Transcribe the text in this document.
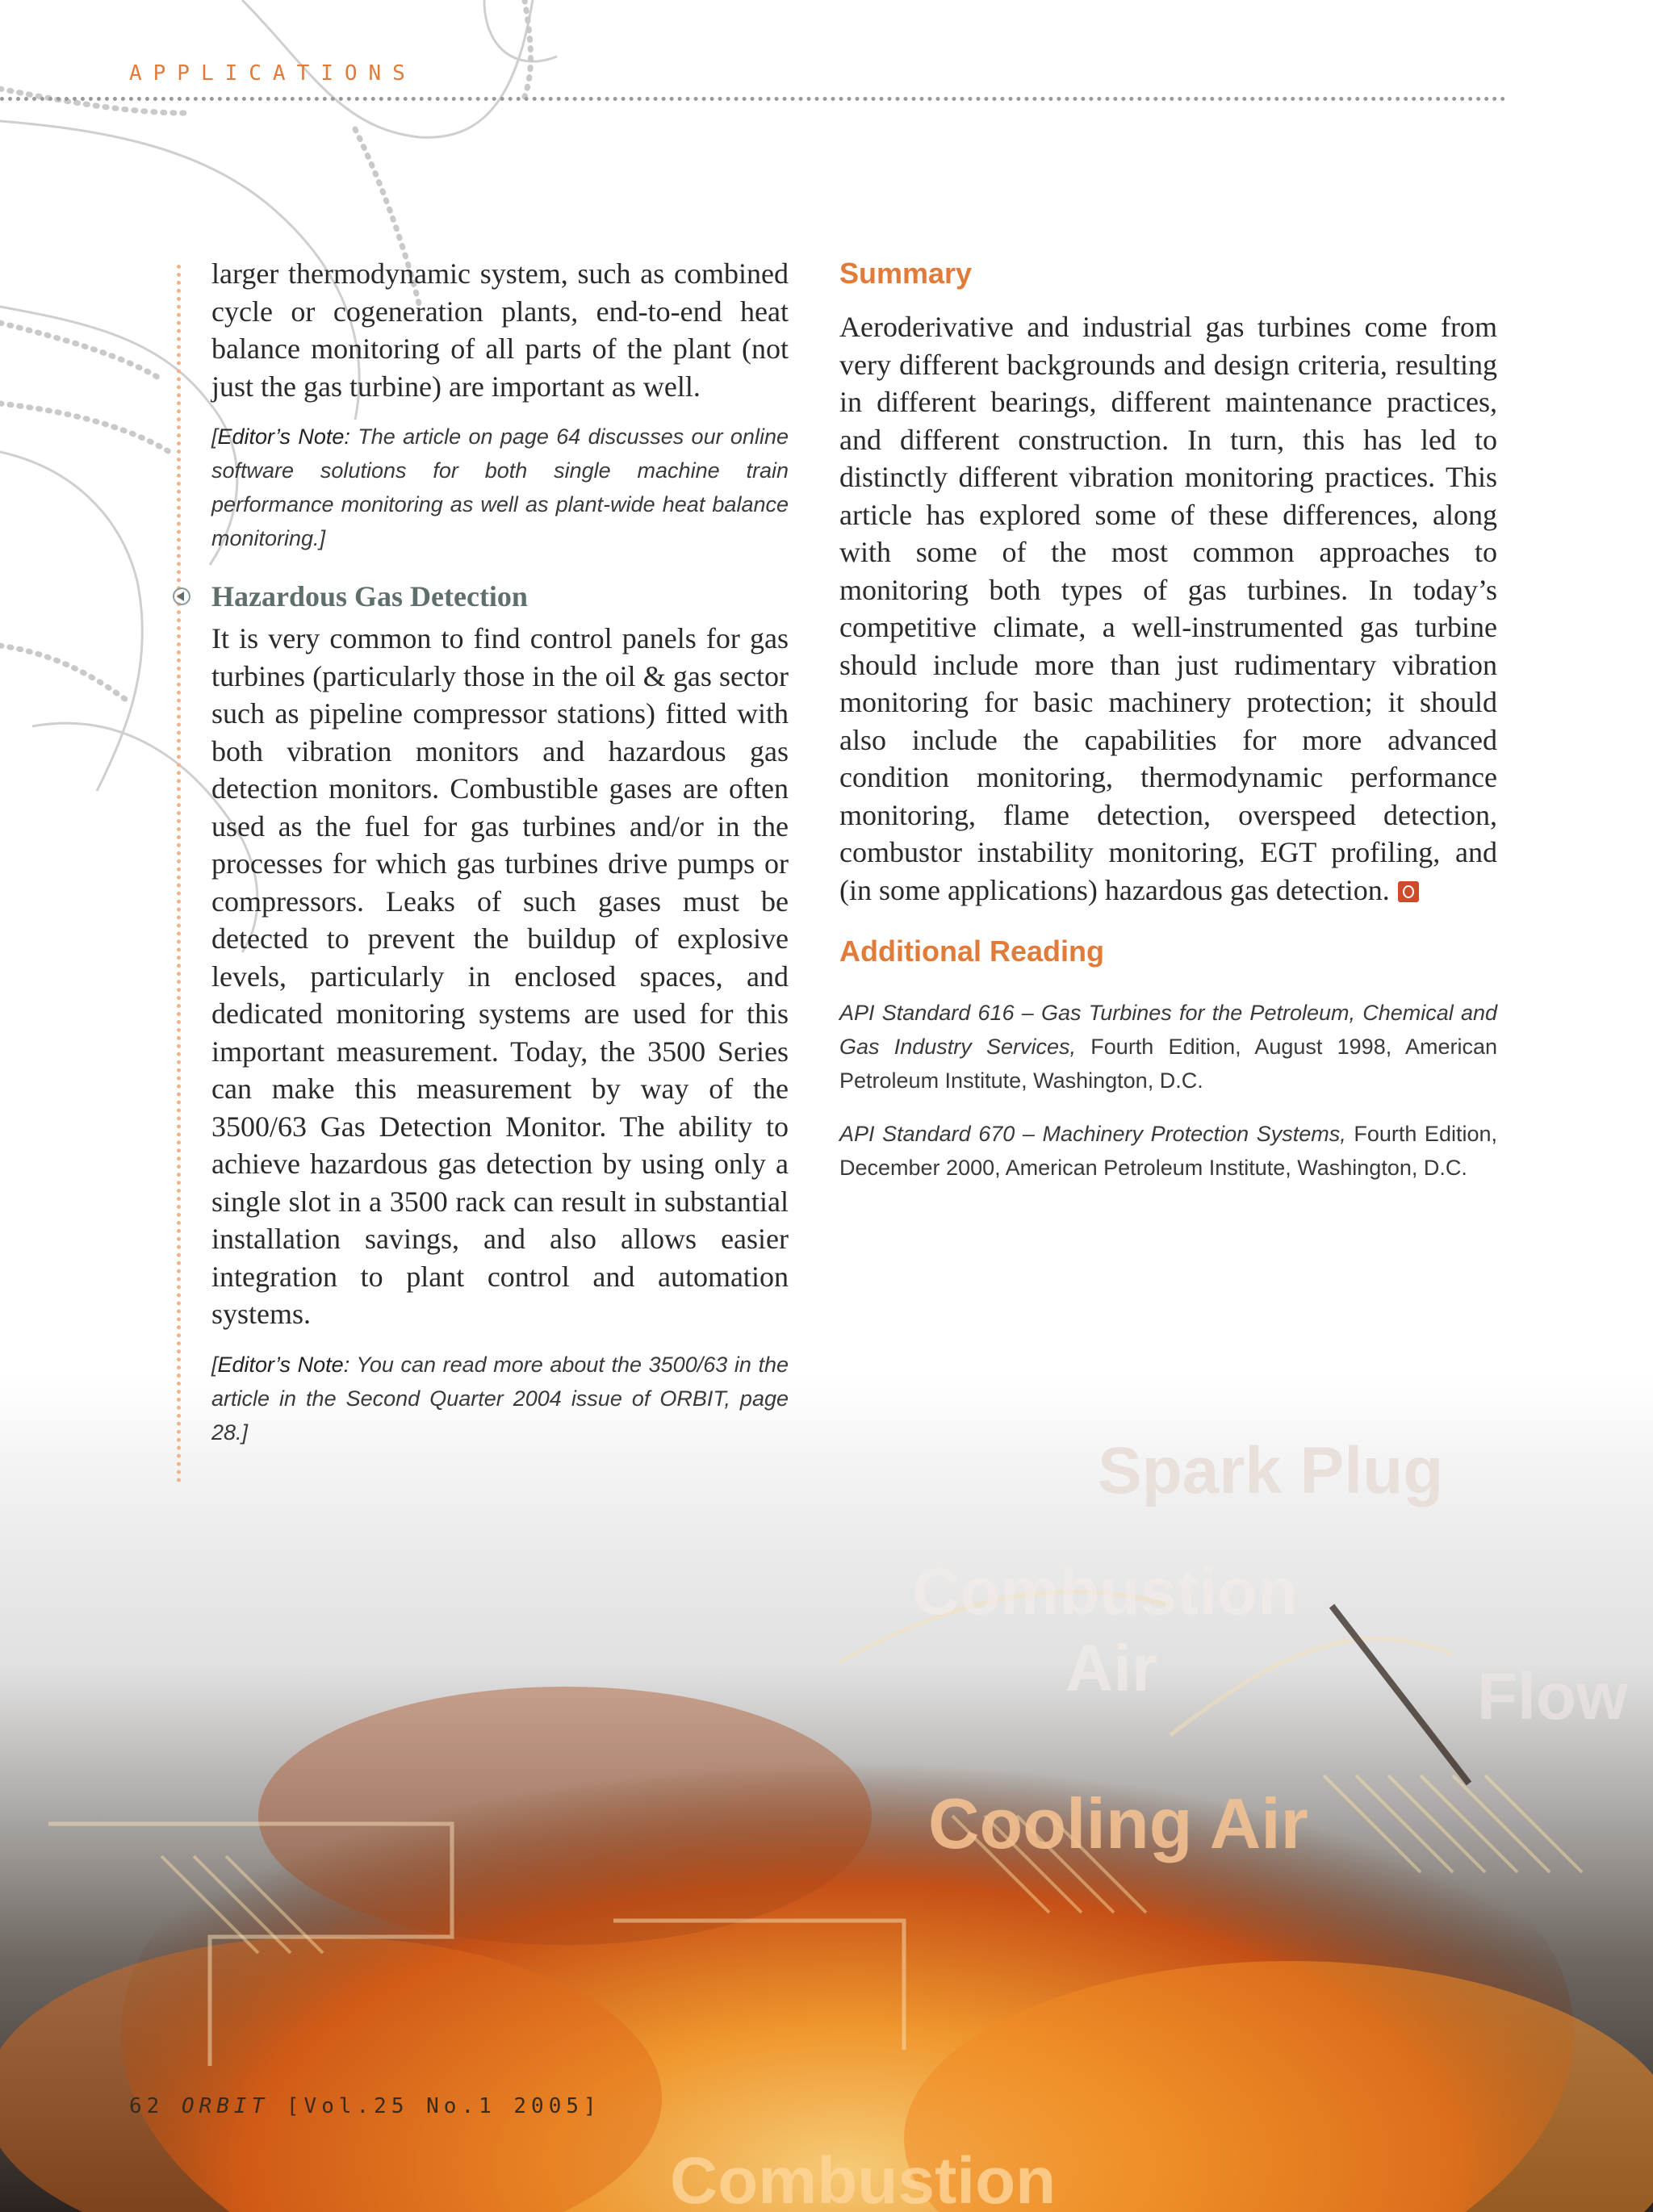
Spark Plug
Combustion
Air	Flow
Cooling Air
Combustion
APPLICATIONS

larger thermodynamic system, such as combined cycle or cogeneration plants, end-to-end heat balance monitoring of all parts of the plant (not just the gas turbine) are important as well.

[Editor’s Note: The article on page 64 discusses our online software solutions for both single machine train performance monitoring as well as plant-wide heat balance monitoring.]

Hazardous Gas Detection

It is very common to find control panels for gas turbines (particularly those in the oil & gas sector such as pipeline compressor stations) fitted with both vibration monitors and hazardous gas detection monitors. Combustible gases are often used as the fuel for gas turbines and/or in the processes for which gas turbines drive pumps or compressors. Leaks of such gases must be detected to prevent the buildup of explosive levels, particularly in enclosed spaces, and dedicated monitoring systems are used for this important measurement. Today, the 3500 Series can make this measurement by way of the 3500/63 Gas Detection Monitor. The ability to achieve hazardous gas detection by using only a single slot in a 3500 rack can result in substantial installation savings, and also allows easier integration to plant control and automation systems.

[Editor’s Note: You can read more about the 3500/63 in the article in the Second Quarter 2004 issue of ORBIT, page 28.]

Summary

Aeroderivative and industrial gas turbines come from very different backgrounds and design criteria, resulting in different bearings, different maintenance practices, and different construction. In turn, this has led to distinctly different vibration monitoring practices. This article has explored some of these differences, along with some of the most common approaches to monitoring both types of gas turbines. In today’s competitive climate, a well-instrumented gas turbine should include more than just rudimentary vibration monitoring for basic machinery protection; it should also include the capabilities for more advanced condition monitoring, thermodynamic performance monitoring, flame detection, overspeed detection, combustor instability monitoring, EGT profiling, and (in some applications) hazardous gas detection.

Additional Reading

API Standard 616 – Gas Turbines for the Petroleum, Chemical and Gas Industry Services, Fourth Edition, August 1998, American Petroleum Institute, Washington, D.C.

API Standard 670 – Machinery Protection Systems, Fourth Edition, December 2000, American Petroleum Institute, Washington, D.C.

62 ORBIT [Vol.25 No.1 2005]
